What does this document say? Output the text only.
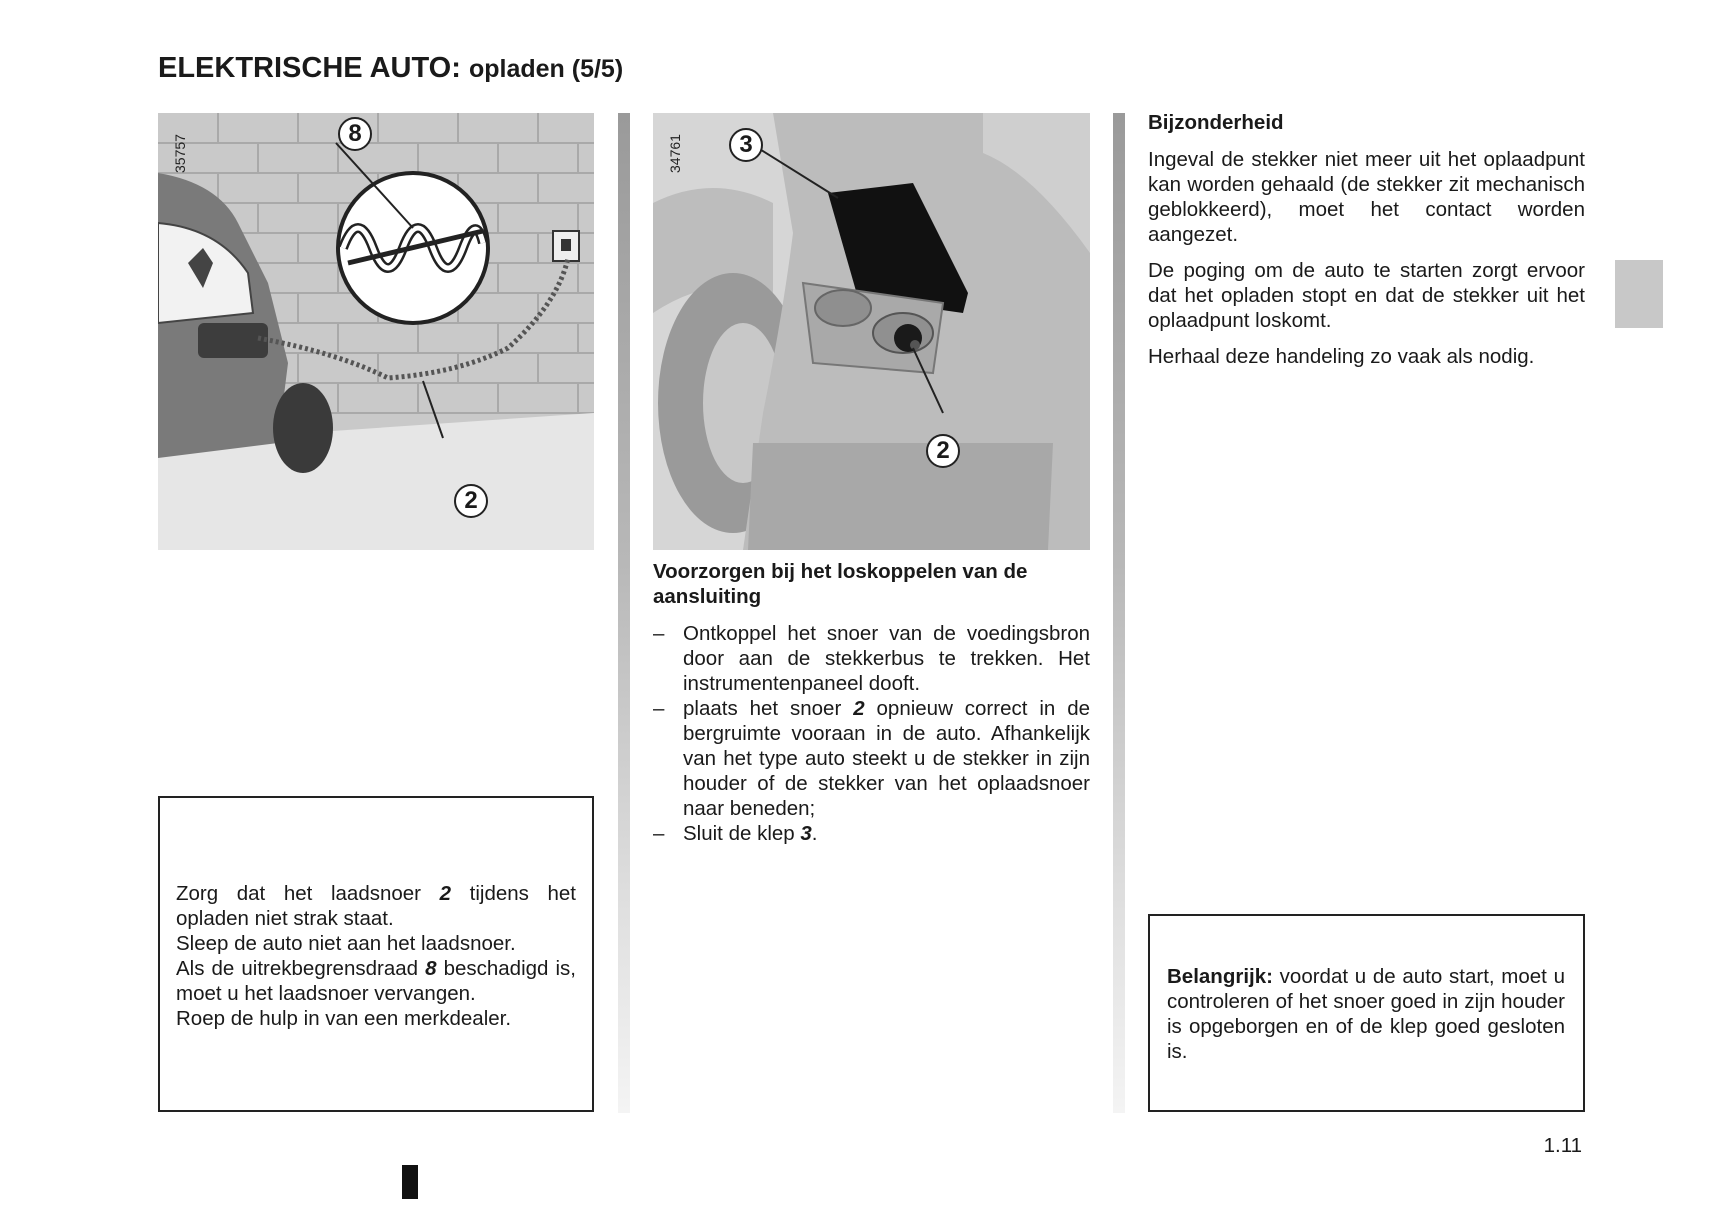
ELEKTRISCHE AUTO: opladen (5/5)
35757
8
2
Zorg dat het laadsnoer 2 tijdens het opladen niet strak staat.
Sleep de auto niet aan het laadsnoer.
Als de uitrekbegrensdraad 8 beschadigd is, moet u het laadsnoer vervangen.
Roep de hulp in van een merkdealer.
34761	3
2
Voorzorgen bij het loskoppelen van de aansluiting
– Ontkoppel het snoer van de voedingsbron door aan de stekkerbus te trekken. Het instrumentenpaneel dooft.
– plaats het snoer 2 opnieuw correct in de bergruimte vooraan in de auto. Afhankelijk van het type auto steekt u de stekker in zijn houder of de stekker van het oplaadsnoer naar beneden;
– Sluit de klep 3.
Bijzonderheid

Ingeval de stekker niet meer uit het oplaadpunt kan worden gehaald (de stekker zit mechanisch geblokkeerd), moet het contact worden aangezet.

De poging om de auto te starten zorgt ervoor dat het opladen stopt en dat de stekker uit het oplaadpunt loskomt.

Herhaal deze handeling zo vaak als nodig.

Belangrijk: voordat u de auto start, moet u controleren of het snoer goed in zijn houder is opgeborgen en of de klep goed gesloten is.
1.11
